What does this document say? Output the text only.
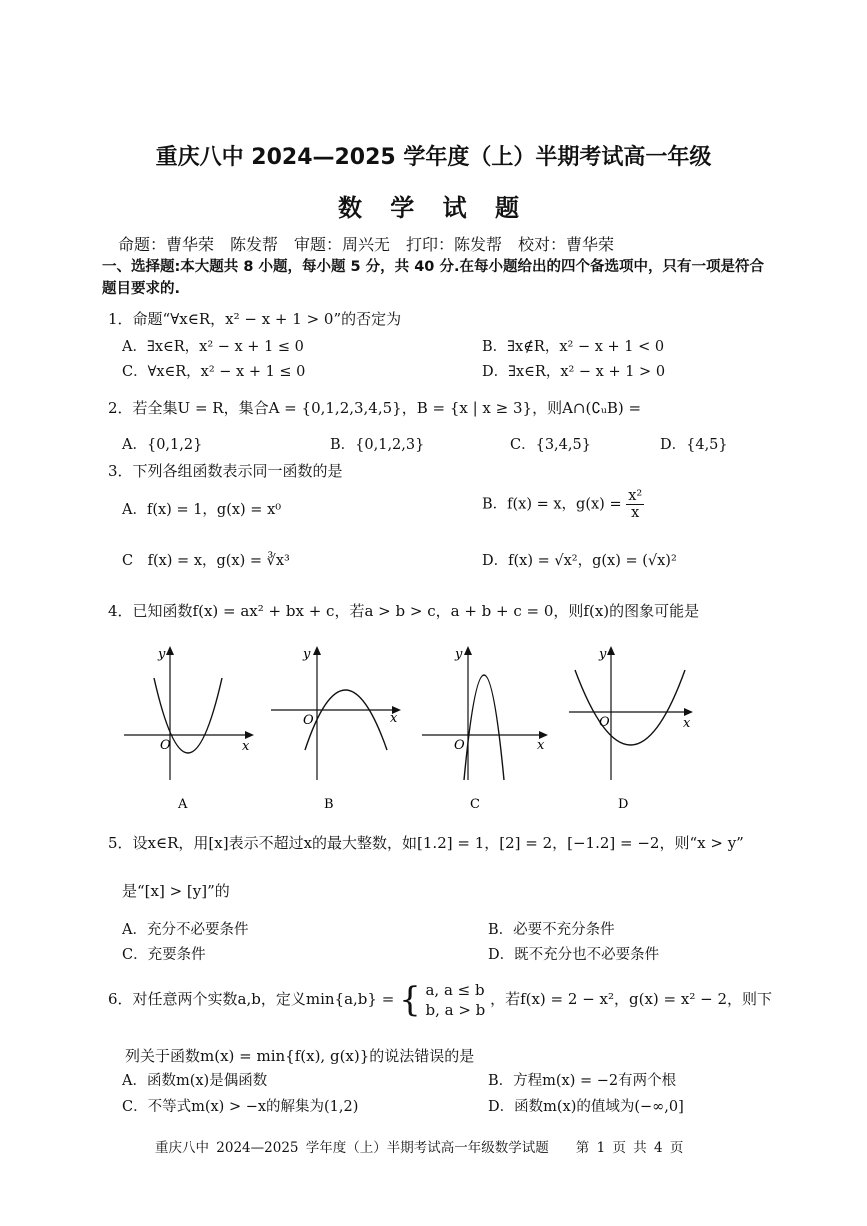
重庆八中 2024—2025 学年度（上）半期考试高一年级
数 学 试 题
命题：曹华荣　陈发帮　审题：周兴无　打印：陈发帮　校对：曹华荣
一、选择题:本大题共 8 小题，每小题 5 分，共 40 分.在每小题给出的四个备选项中，只有一项是符合题目要求的.
1．命题“∀x∈R，x² − x + 1 > 0”的否定为
A．∃x∈R，x² − x + 1 ≤ 0	B．∃x∉R，x² − x + 1 < 0
C．∀x∈R，x² − x + 1 ≤ 0	D．∃x∈R，x² − x + 1 > 0
2．若全集U = R，集合A = {0,1,2,3,4,5}，B = {x | x ≥ 3}，则A∩(∁ᵤB) =
A．{0,1,2}	B．{0,1,2,3}	C．{3,4,5}	D．{4,5}
3．下列各组函数表示同一函数的是
A．f(x) = 1，g(x) = x⁰	B．f(x) = x，$g(x) = \frac{\text{x²}}{x}$
C　f(x) = x，g(x) = ∛x³	D．f(x) = √x²，g(x) = (√x)²
4．已知函数f(x) = ax² + bx + c，若a > b > c，a + b + c = 0，则f(x)的图象可能是
y
x
O
A
y
x
O
B
y
x
O
C
y
x
O
D
5．设x∈R，用[x]表示不超过x的最大整数，如[1.2] = 1，[2] = 2，[−1.2] = −2，则“x > y”
是“[x] > [y]”的
A．充分不必要条件	B．必要不充分条件
C．充要条件	D．既不充分也不必要条件
6．对任意两个实数a,b，定义min{a,b} = { a, a ≤ b
b, a > b
，若f(x) = 2 − x²，g(x) = x² − 2，则下
列关于函数m(x) = min{f(x), g(x)}的说法错误的是
A．函数m(x)是偶函数	B．方程m(x) = −2有两个根
C．不等式m(x) > −x的解集为(1,2)	D．函数m(x)的值域为(−∞,0]
重庆八中 2024—2025 学年度（上）半期考试高一年级数学试题　　第 1 页 共 4 页
